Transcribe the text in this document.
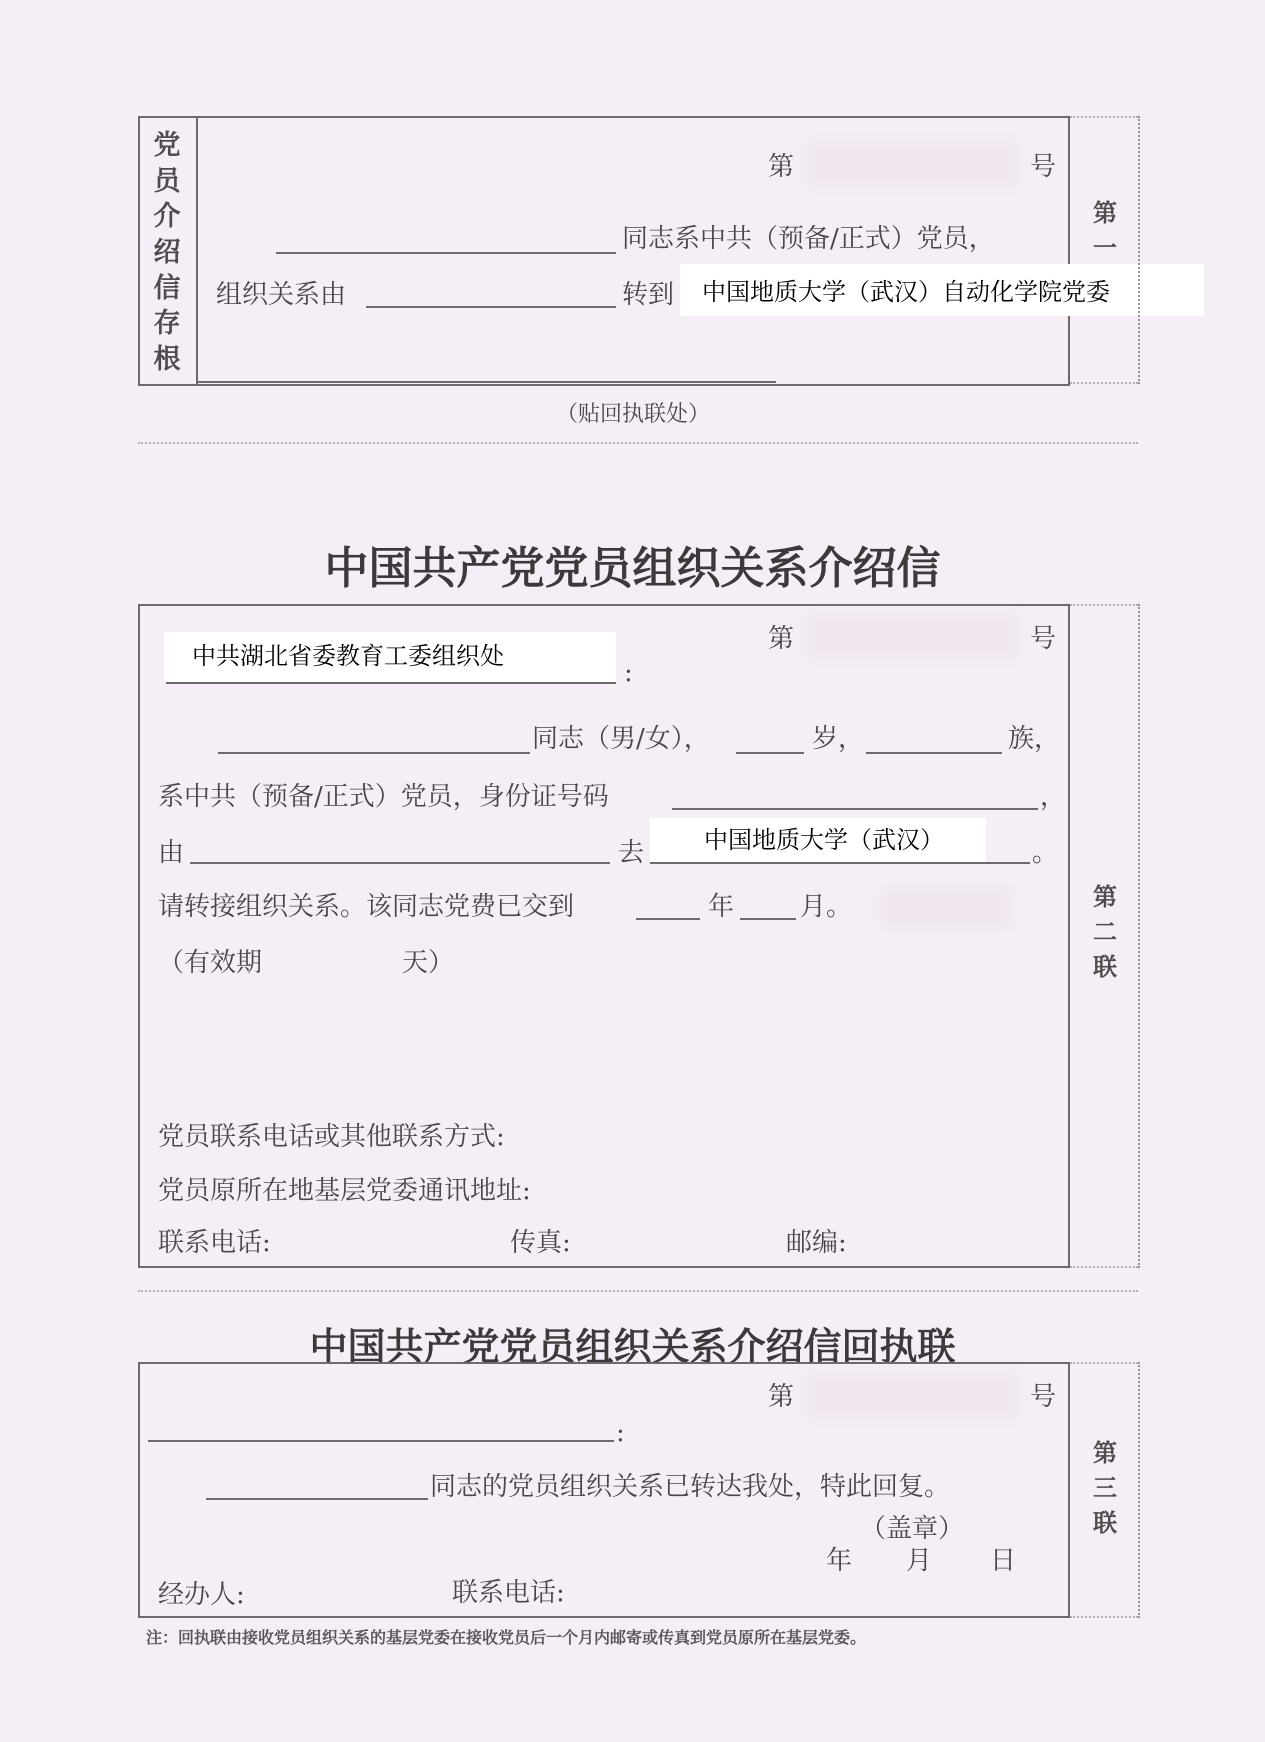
党员介绍信存根
第	号
同志系中共（预备/正式）党员，
组织关系由	转到	中国地质大学（武汉）自动化学院党委
（贴回执联处）
第一
中国共产党党员组织关系介绍信
第二联
第	号
中共湖北省委教育工委组织处
:
同志（男/女），	岁，	族，
系中共（预备/正式）党员，身份证号码	，
由	去	中国地质大学（武汉）	。
请转接组织关系。该同志党费已交到	年	月。
（有效期	天）
党员联系电话或其他联系方式:
党员原所在地基层党委通讯地址:
联系电话:	传真:	邮编:
中国共产党党员组织关系介绍信回执联
第三联
第	号
:
同志的党员组织关系已转达我处，特此回复。
（盖章）
年 月 日
经办人:	联系电话:
注：回执联由接收党员组织关系的基层党委在接收党员后一个月内邮寄或传真到党员原所在基层党委。
